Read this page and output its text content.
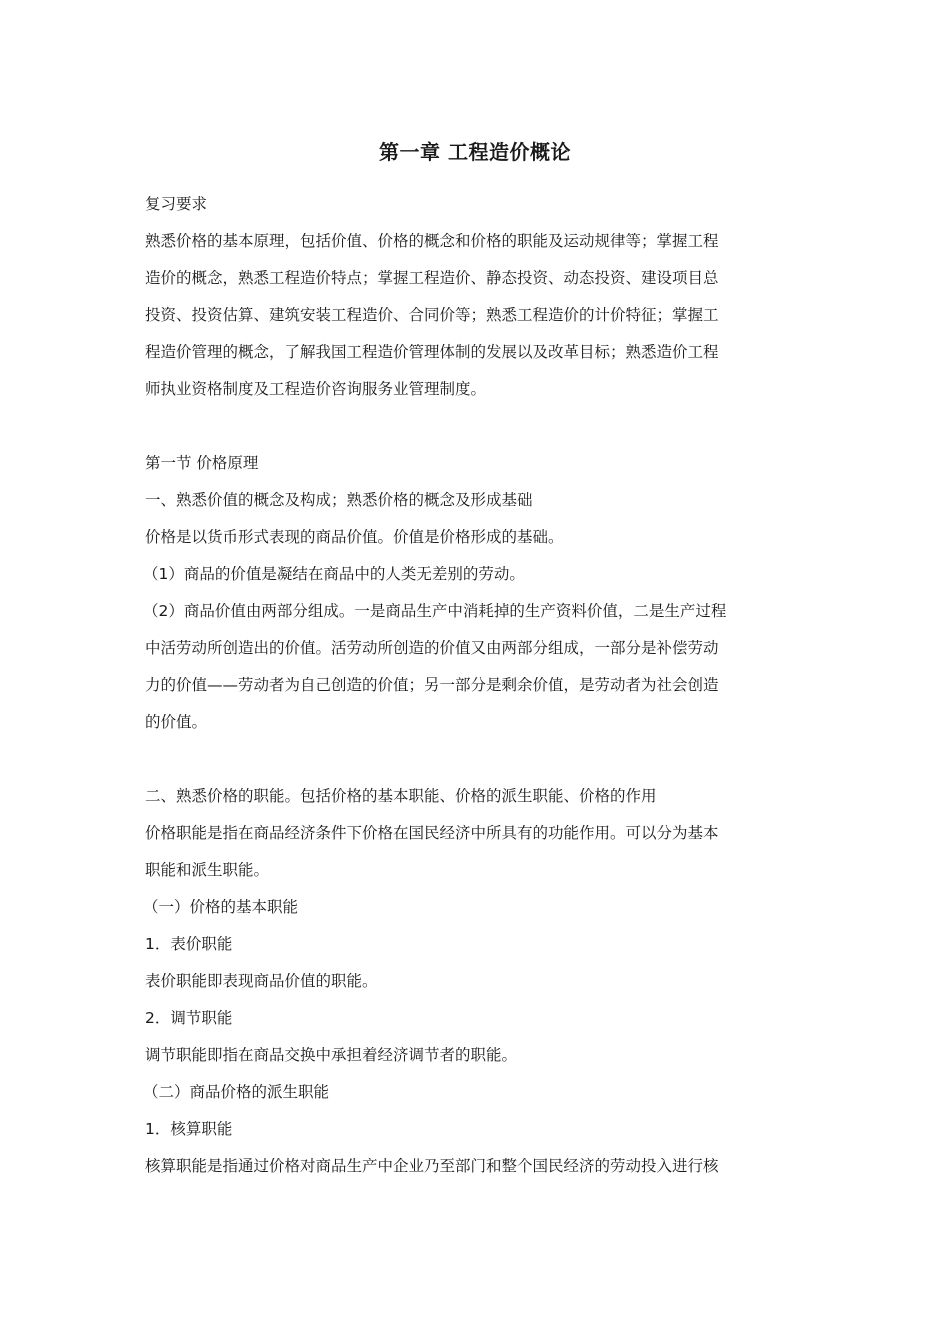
第一章 工程造价概论
复习要求
熟悉价格的基本原理，包括价值、价格的概念和价格的职能及运动规律等；掌握工程
造价的概念，熟悉工程造价特点；掌握工程造价、静态投资、动态投资、建设项目总
投资、投资估算、建筑安装工程造价、合同价等；熟悉工程造价的计价特征；掌握工
程造价管理的概念，了解我国工程造价管理体制的发展以及改革目标；熟悉造价工程
师执业资格制度及工程造价咨询服务业管理制度。
第一节 价格原理
一、熟悉价值的概念及构成；熟悉价格的概念及形成基础
价格是以货币形式表现的商品价值。价值是价格形成的基础。
（1）商品的价值是凝结在商品中的人类无差别的劳动。
（2）商品价值由两部分组成。一是商品生产中消耗掉的生产资料价值，二是生产过程
中活劳动所创造出的价值。活劳动所创造的价值又由两部分组成，一部分是补偿劳动
力的价值——劳动者为自己创造的价值；另一部分是剩余价值，是劳动者为社会创造
的价值。
二、熟悉价格的职能。包括价格的基本职能、价格的派生职能、价格的作用
价格职能是指在商品经济条件下价格在国民经济中所具有的功能作用。可以分为基本
职能和派生职能。
（一）价格的基本职能
1．表价职能
表价职能即表现商品价值的职能。
2．调节职能
调节职能即指在商品交换中承担着经济调节者的职能。
（二）商品价格的派生职能
1．核算职能
核算职能是指通过价格对商品生产中企业乃至部门和整个国民经济的劳动投入进行核
